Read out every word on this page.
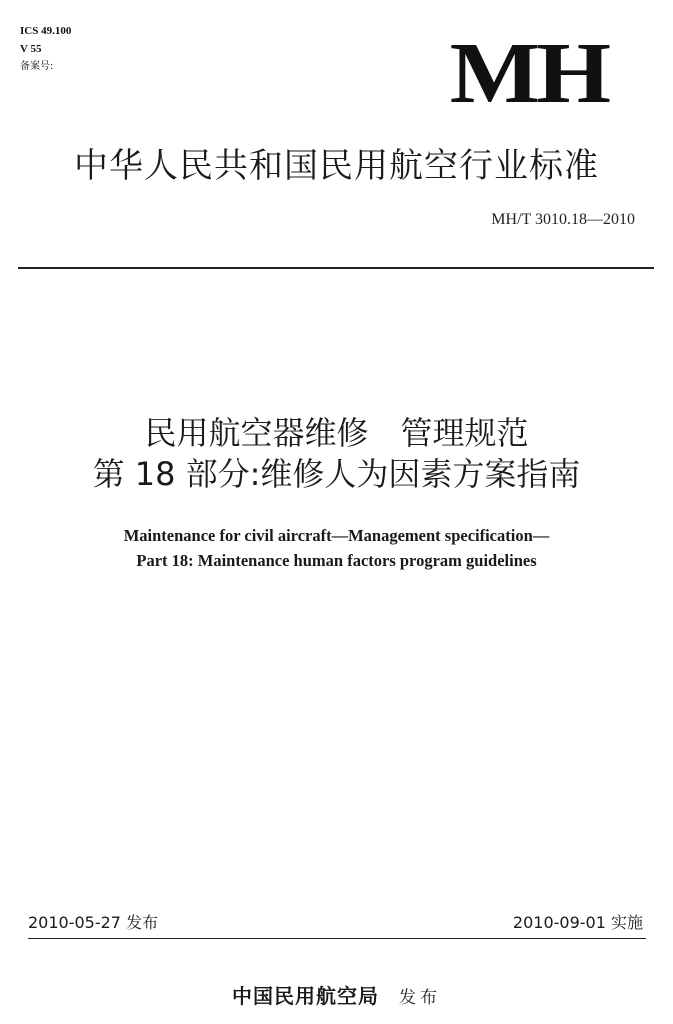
ICS 49.100
V 55
备案号:	MH
中华人民共和国民用航空行业标准
MH/T 3010.18—2010
民用航空器维修　管理规范
第 18 部分:维修人为因素方案指南
Maintenance for civil aircraft—Management specification—
Part 18: Maintenance human factors program guidelines
2010-05-27 发布	2010-09-01 实施
中国民用航空局 发布
